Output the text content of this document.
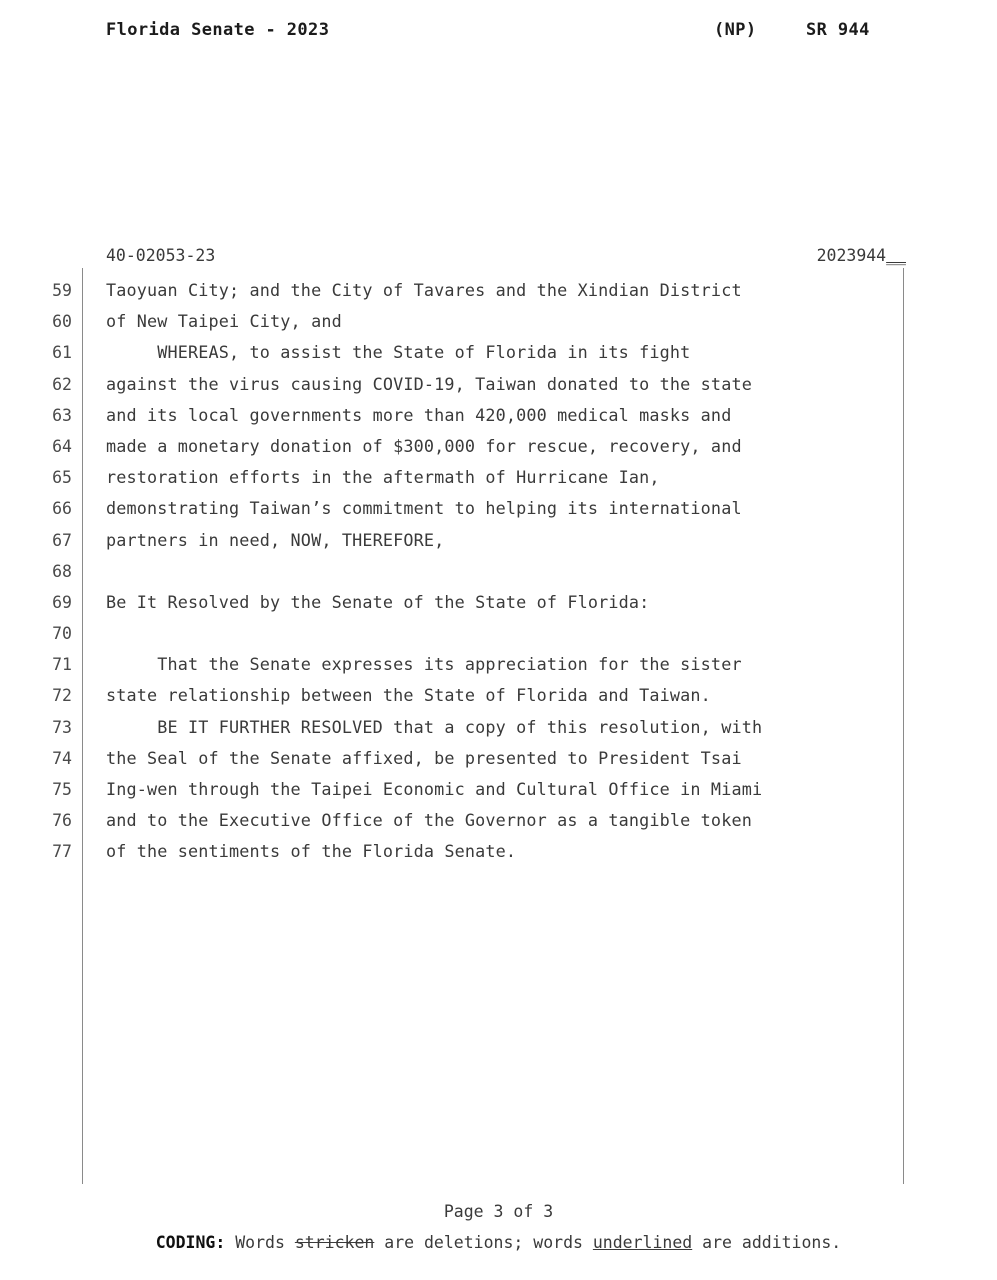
Florida Senate - 2023

	(NP)

	SR 944

40-02053-23

	2023944__

59 Taoyuan City; and the City of Tavares and the Xindian District
60 of New Taipei City, and
61 WHEREAS, to assist the State of Florida in its fight
62 against the virus causing COVID-19, Taiwan donated to the state
63 and its local governments more than 420,000 medical masks and
64 made a monetary donation of $300,000 for rescue, recovery, and
65 restoration efforts in the aftermath of Hurricane Ian,
66 demonstrating Taiwan’s commitment to helping its international
67 partners in need, NOW, THEREFORE,
68
69 Be It Resolved by the Senate of the State of Florida:
70
71 That the Senate expresses its appreciation for the sister
72 state relationship between the State of Florida and Taiwan.
73 BE IT FURTHER RESOLVED that a copy of this resolution, with
74 the Seal of the Senate affixed, be presented to President Tsai
75 Ing-wen through the Taipei Economic and Cultural Office in Miami
76 and to the Executive Office of the Governor as a tangible token
77 of the sentiments of the Florida Senate.
Page 3 of 3
CODING: Words stricken are deletions; words underlined are additions.
